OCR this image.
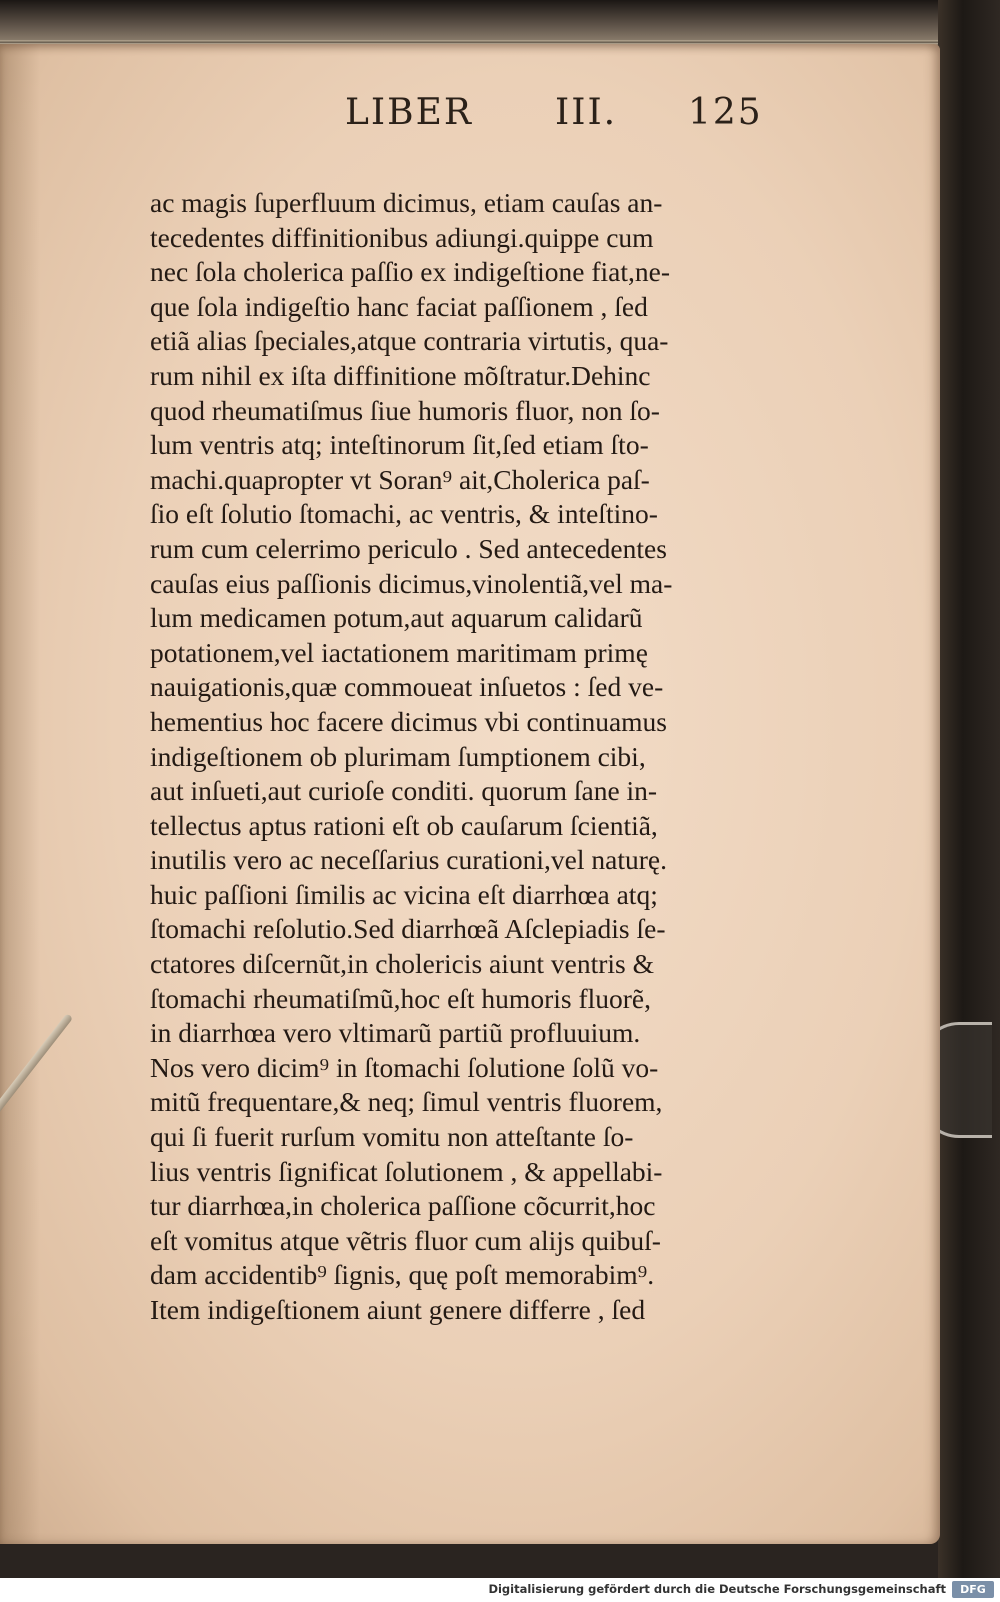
LIBER III. 125
ac magis ſuperfluum dicimus, etiam cauſas an‑
tecedentes diffinitionibus adiungi.quippe cum
nec ſola cholerica paſſio ex indigeſtione fiat,ne‑
que ſola indigeſtio hanc faciat paſſionem , ſed
etiã alias ſpeciales,atque contraria virtutis, qua‑
rum nihil ex iſta diffinitione mõſtratur.Dehinc
quod rheumatiſmus ſiue humoris fluor, non ſo‑
lum ventris atq; inteſtinorum ſit,ſed etiam ſto‑
machi.quapropter vt Soran⁹ ait,Cholerica paſ‑
ſio eſt ſolutio ſtomachi, ac ventris, & inteſtino‑
rum cum celerrimo periculo . Sed antecedentes
cauſas eius paſſionis dicimus,vinolentiã,vel ma‑
lum medicamen potum,aut aquarum calidarũ
potationem,vel iactationem maritimam primę
nauigationis,quæ commoueat inſuetos : ſed ve‑
hementius hoc facere dicimus vbi continuamus
indigeſtionem ob plurimam ſumptionem cibi,
aut inſueti,aut curioſe conditi. quorum ſane in‑
tellectus aptus rationi eſt ob cauſarum ſcientiã,
inutilis vero ac neceſſarius curationi,vel naturę.
huic paſſioni ſimilis ac vicina eſt diarrhœa atq;
ſtomachi reſolutio.Sed diarrhœã Aſclepiadis ſe‑
ctatores diſcernũt,in cholericis aiunt ventris &
ſtomachi rheumatiſmũ,hoc eſt humoris fluorẽ,
in diarrhœa vero vltimarũ partiũ profluuium.
Nos vero dicim⁹ in ſtomachi ſolutione ſolũ vo‑
mitũ frequentare,& neq; ſimul ventris fluorem,
qui ſi fuerit rurſum vomitu non atteſtante ſo‑
lius ventris ſignificat ſolutionem , & appellabi‑
tur diarrhœa,in cholerica paſſione cõcurrit,hoc
eſt vomitus atque vẽtris fluor cum alijs quibuſ‑
dam accidentib⁹ ſignis, quę poſt memorabim⁹.
Item indigeſtionem aiunt genere differre , ſed
Digitalisierung gefördert durch die Deutsche Forschungsgemeinschaft	DFG
